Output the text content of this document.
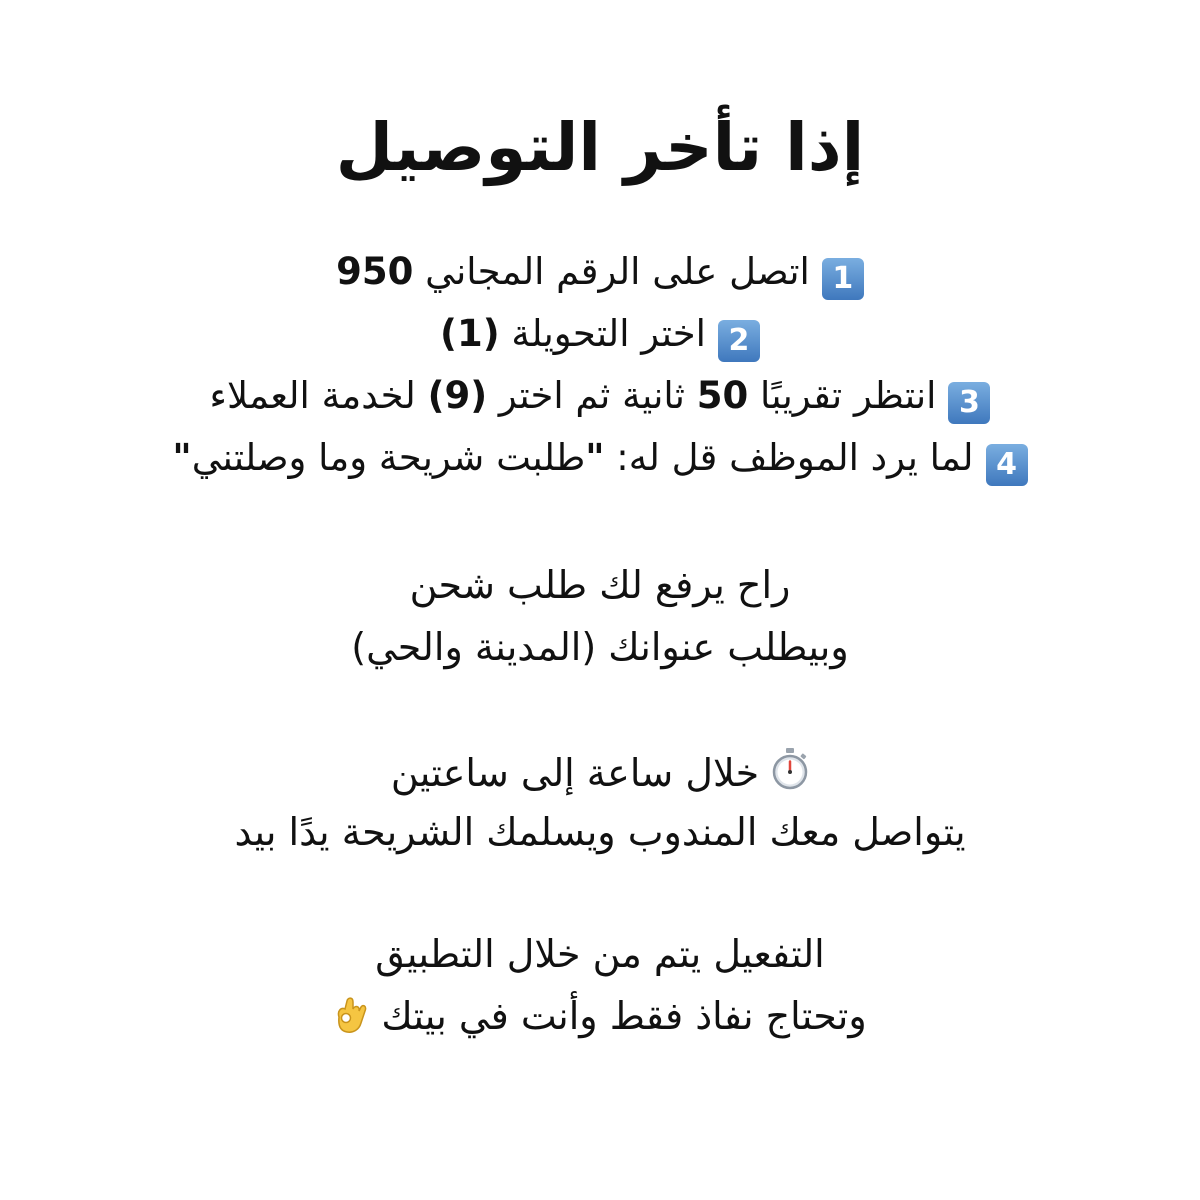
إذا تأخر التوصيل
1اتصل على الرقم المجاني 950
2اختر التحويلة (1)
3انتظر تقريبًا 50 ثانية ثم اختر (9) لخدمة العملاء
4لما يرد الموظف قل له: "طلبت شريحة وما وصلتني"
راح يرفع لك طلب شحن
وبيطلب عنوانك (المدينة والحي)
خلال ساعة إلى ساعتين
يتواصل معك المندوب ويسلمك الشريحة يدًا بيد
التفعيل يتم من خلال التطبيق
وتحتاج نفاذ فقط وأنت في بيتك
